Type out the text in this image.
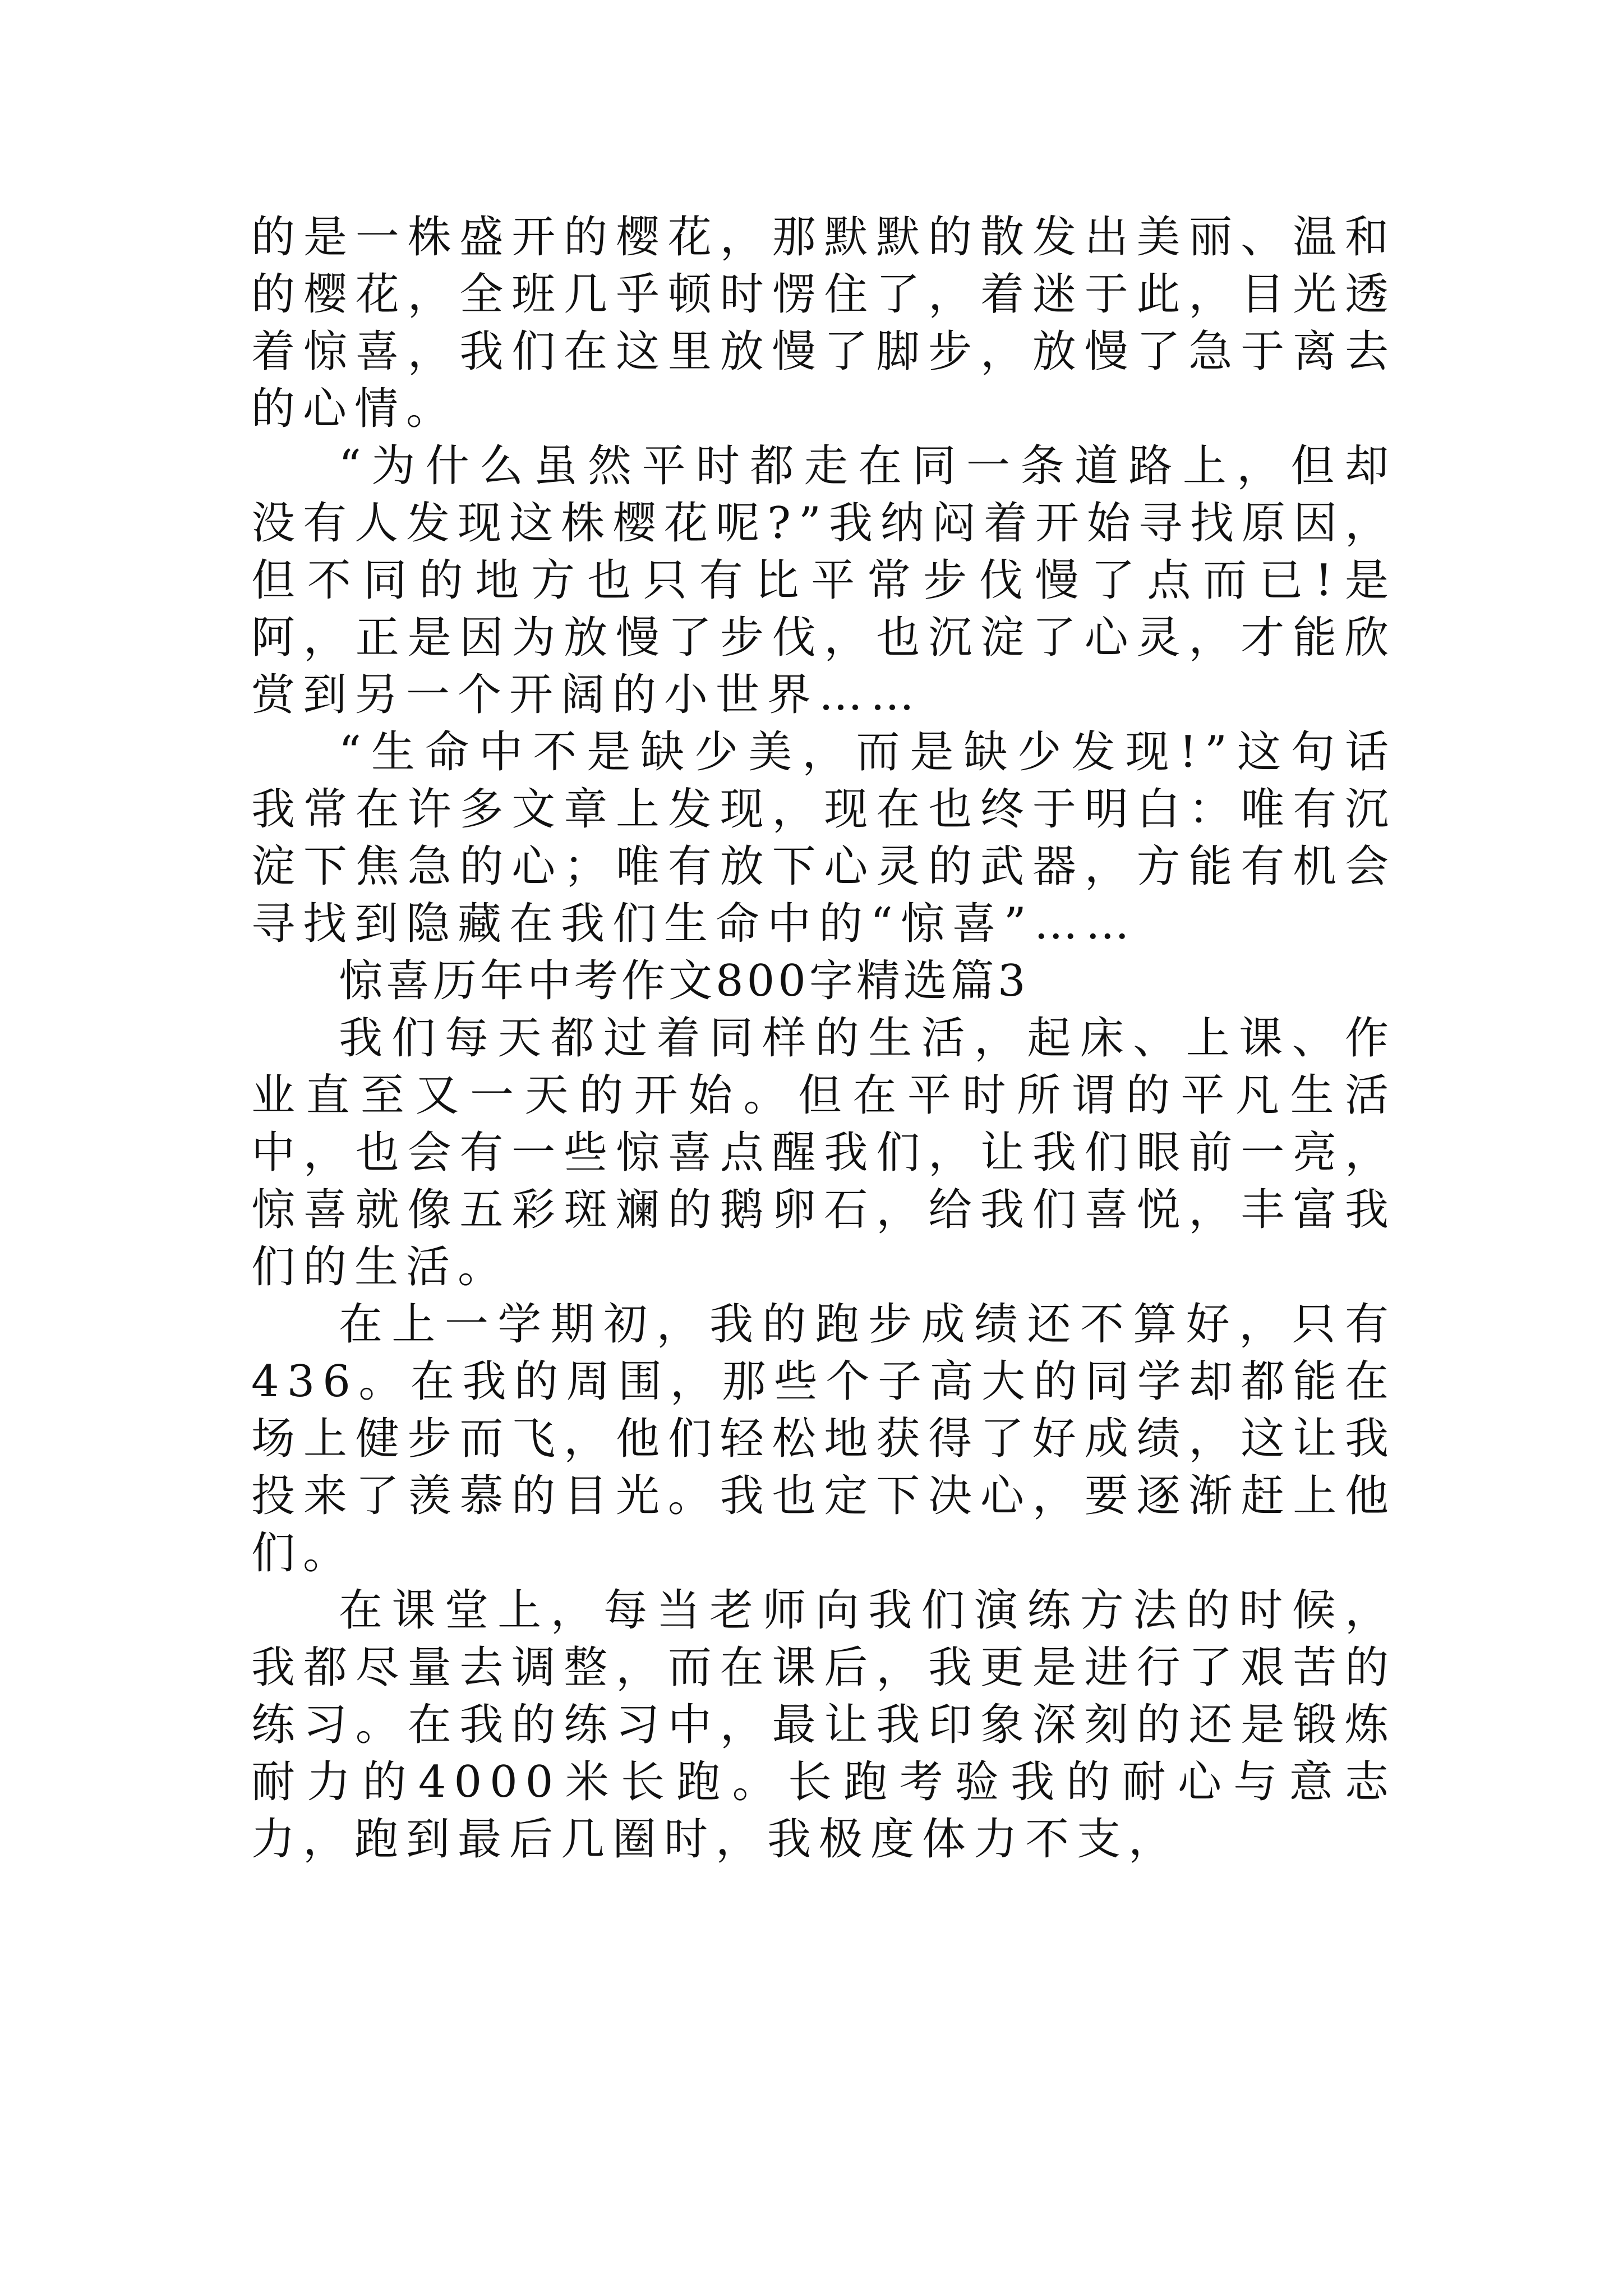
的是一株盛开的樱花，那默默的散发出美丽、温和的樱花，全班几乎顿时愣住了，着迷于此，目光透着惊喜，我们在这里放慢了脚步，放慢了急于离去的心情。

“为什么虽然平时都走在同一条道路上，但却没有人发现这株樱花呢?”我纳闷着开始寻找原因，但不同的地方也只有比平常步伐慢了点而已!是阿，正是因为放慢了步伐，也沉淀了心灵，才能欣赏到另一个开阔的小世界……

“生命中不是缺少美，而是缺少发现!”这句话我常在许多文章上发现，现在也终于明白：唯有沉淀下焦急的心；唯有放下心灵的武器，方能有机会寻找到隐藏在我们生命中的“惊喜”……

惊喜历年中考作文800字精选篇3

我们每天都过着同样的生活，起床、上课、作业直至又一天的开始。但在平时所谓的平凡生活中，也会有一些惊喜点醒我们，让我们眼前一亮，惊喜就像五彩斑斓的鹅卵石，给我们喜悦，丰富我们的生活。

在上一学期初，我的跑步成绩还不算好，只有436。在我的周围，那些个子高大的同学却都能在场上健步而飞，他们轻松地获得了好成绩，这让我投来了羡慕的目光。我也定下决心，要逐渐赶上他们。

在课堂上，每当老师向我们演练方法的时候，我都尽量去调整，而在课后，我更是进行了艰苦的练习。在我的练习中，最让我印象深刻的还是锻炼耐力的4000米长跑。长跑考验我的耐心与意志力，跑到最后几圈时，我极度体力不支，
